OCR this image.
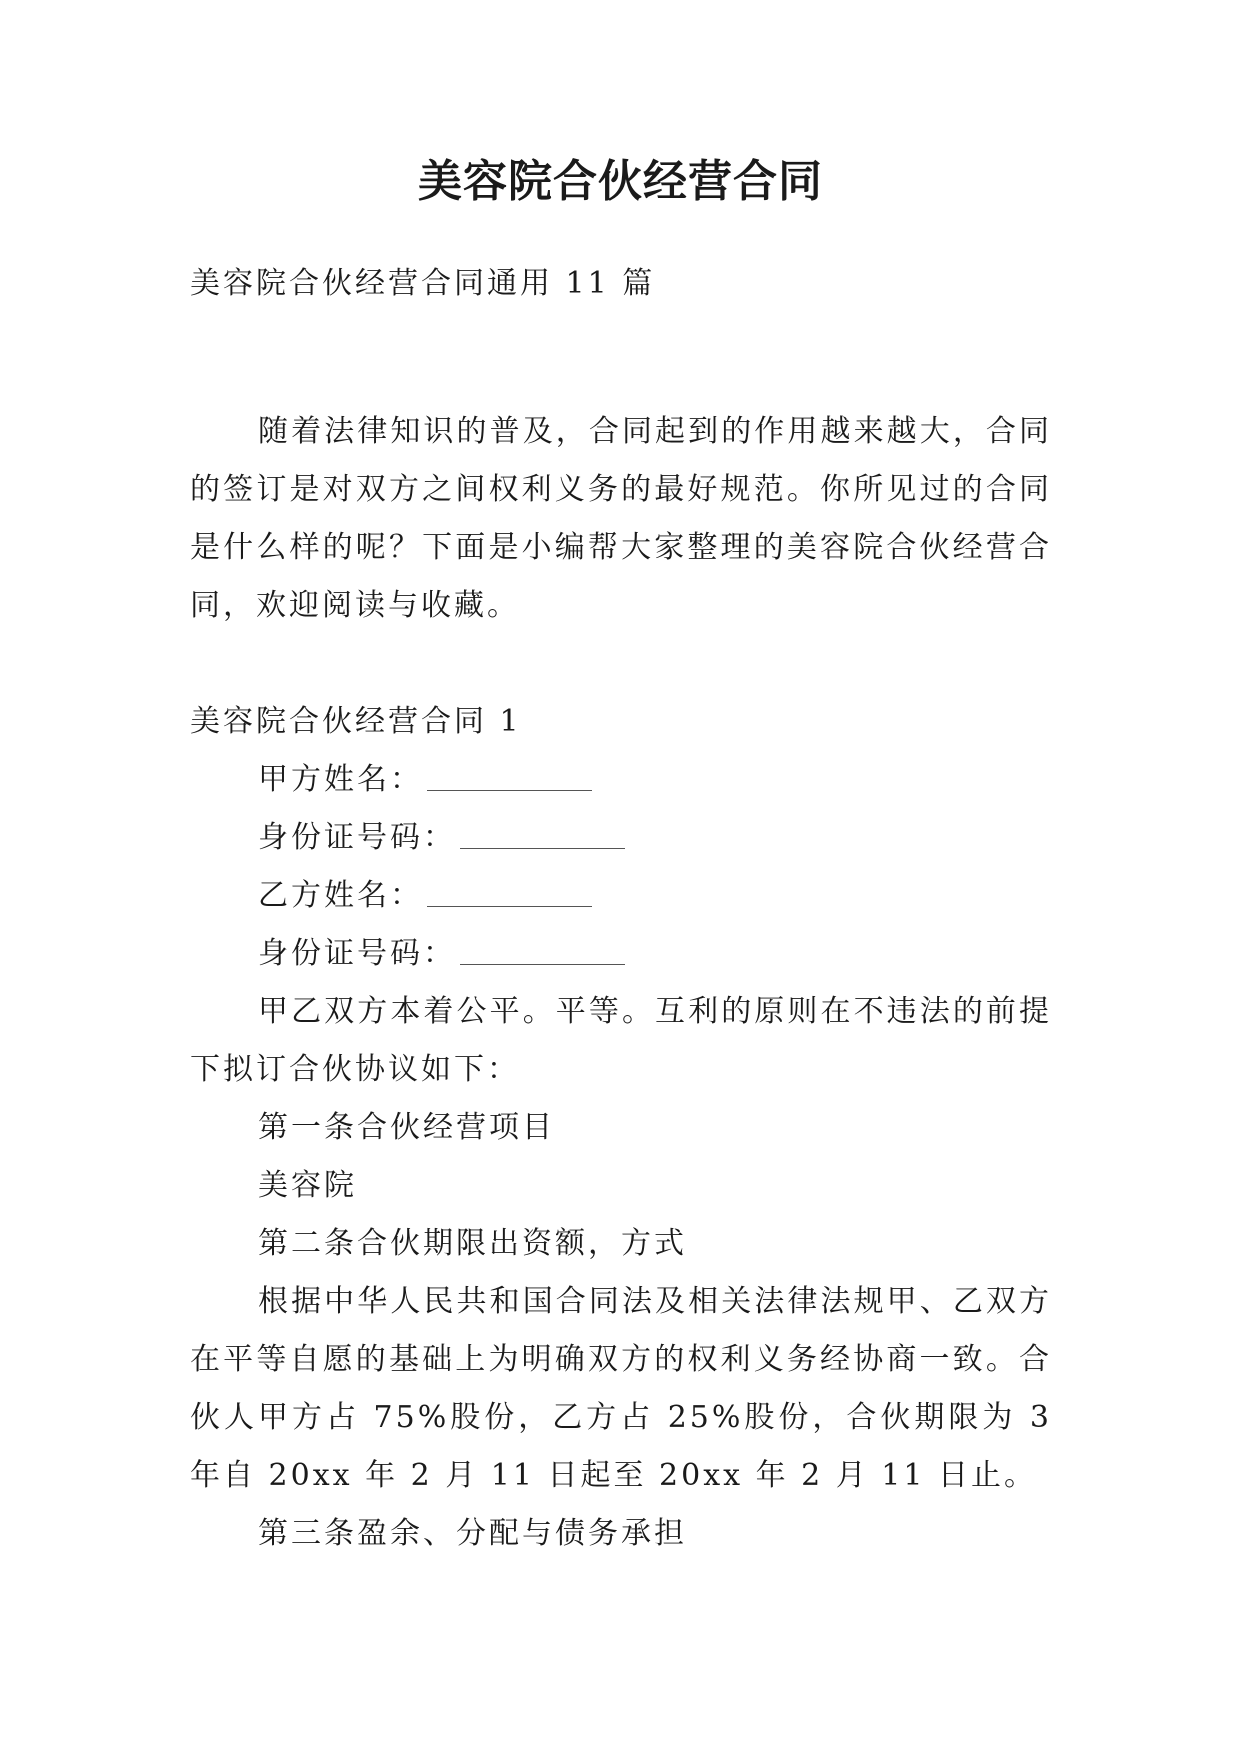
美容院合伙经营合同
美容院合伙经营合同通用 11 篇
随着法律知识的普及，合同起到的作用越来越大，合同的签订是对双方之间权利义务的最好规范。你所见过的合同是什么样的呢？下面是小编帮大家整理的美容院合伙经营合同，欢迎阅读与收藏。
美容院合伙经营合同 1
甲方姓名：
身份证号码：
乙方姓名：
身份证号码：
甲乙双方本着公平。平等。互利的原则在不违法的前提下拟订合伙协议如下：
第一条合伙经营项目
美容院
第二条合伙期限出资额，方式
根据中华人民共和国合同法及相关法律法规甲、乙双方在平等自愿的基础上为明确双方的权利义务经协商一致。合伙人甲方占 75%股份，乙方占 25%股份，合伙期限为 3 年自 20xx 年 2 月 11 日起至 20xx 年 2 月 11 日止。
第三条盈余、分配与债务承担
